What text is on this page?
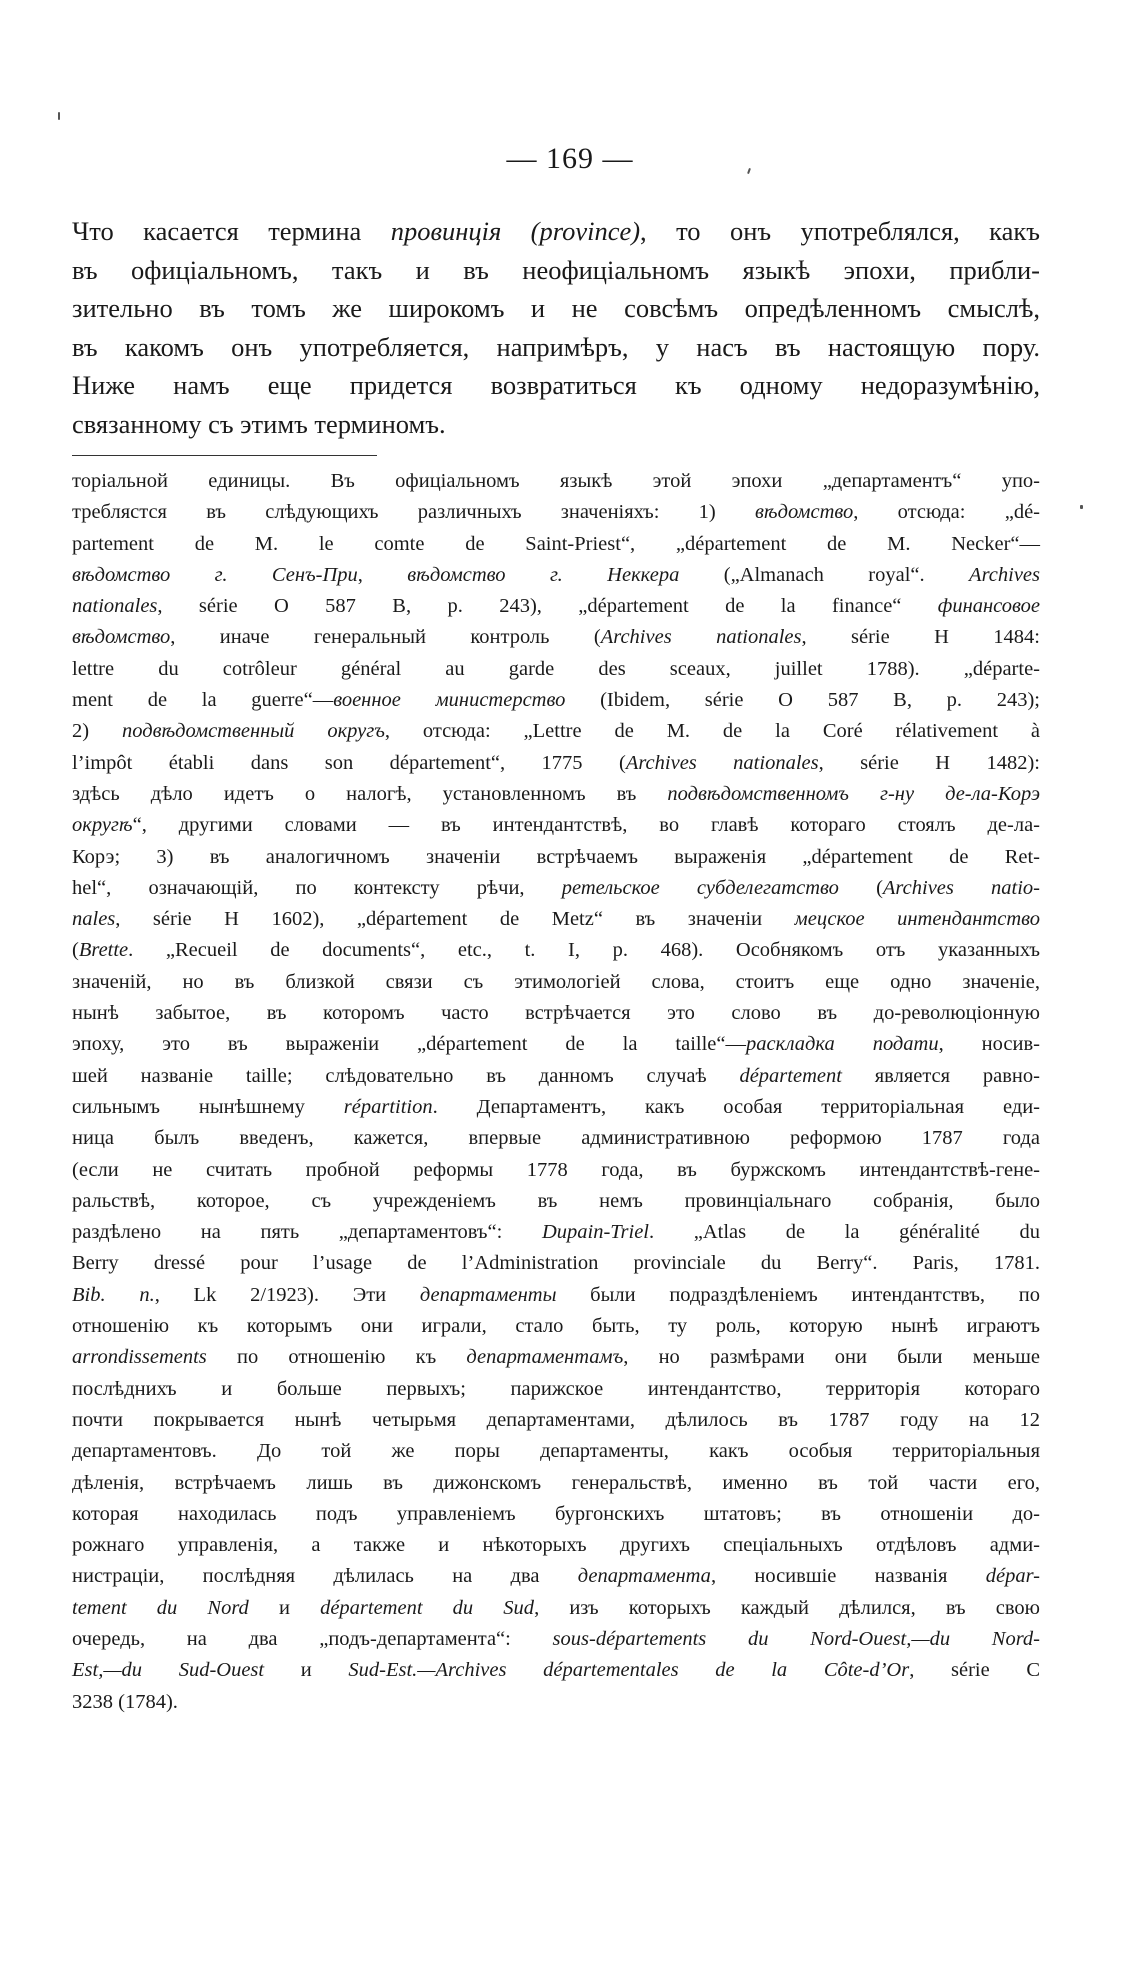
— 169 —
Что касается термина провинція (province), то онъ употреблялся, какъ
въ офиціальномъ, такъ и въ неофиціальномъ языкѣ эпохи, прибли-
зительно въ томъ же широкомъ и не совсѣмъ опредѣленномъ смыслѣ,
въ какомъ онъ употребляется, напримѣръ, у насъ въ настоящую пору.
Ниже намъ еще придется возвратиться къ одному недоразумѣнію,
связанному съ этимъ терминомъ.
торіальной единицы. Въ офиціальномъ языкѣ этой эпохи „департаментъ“ упо-
треблястся въ слѣдующихъ различныхъ значеніяхъ: 1) вѣдомство, отсюда: „dé-
partement de M. le comte de Saint-Priest“, „département de M. Necker“—
вѣдомство г. Сенъ-При, вѣдомство г. Неккера („Almanach royal“. Archives
nationales, série O 587 B, p. 243), „département de la finance“ финансовое
вѣдомство, иначе генеральный контроль (Archives nationales, série H 1484:
lettre du cotrôleur général au garde des sceaux, juillet 1788). „départe-
ment de la guerre“—военное министерство (Ibidem, série O 587 B, p. 243);
2) подвѣдомственный округъ, отсюда: „Lettre de M. de la Coré rélativement à
l’impôt établi dans son département“, 1775 (Archives nationales, série H 1482):
здѣсь дѣло идетъ о налогѣ, установленномъ въ подвѣдомственномъ г-ну де-ла-Корэ
округѣ“, другими словами — въ интендантствѣ, во главѣ котораго стоялъ де-ла-
Корэ; 3) въ аналогичномъ значеніи встрѣчаемъ выраженія „département de Ret-
hel“, означающій, по контексту рѣчи, ретельское субделегатство (Archives natio-
nales, série H 1602), „département de Metz“ въ значеніи мецское интендантство
(Brette. „Recueil de documents“, etc., t. I, p. 468). Особнякомъ отъ указанныхъ
значеній, но въ близкой связи съ этимологіей слова, стоитъ еще одно значеніе,
нынѣ забытое, въ которомъ часто встрѣчается это слово въ до-революціонную
эпоху, это въ выраженіи „département de la taille“—раскладка подати, носив-
шей названіе taille; слѣдовательно въ данномъ случаѣ département является равно-
сильнымъ нынѣшнему répartition. Департаментъ, какъ особая территоріальная еди-
ница былъ введенъ, кажется, впервые административною реформою 1787 года
(если не считать пробной реформы 1778 года, въ буржскомъ интендантствѣ-гене-
ральствѣ, которое, съ учрежденіемъ въ немъ провинціальнаго собранія, было
раздѣлено на пять „департаментовъ“: Dupain-Triel. „Atlas de la généralité du
Berry dressé pour l’usage de l’Administration provinciale du Berry“. Paris, 1781.
Bib. n., Lk 2/1923). Эти департаменты были подраздѣленіемъ интендантствъ, по
отношенію къ которымъ они играли, стало быть, ту роль, которую нынѣ играютъ
arrondissements по отношенію къ департаментамъ, но размѣрами они были меньше
послѣднихъ и больше первыхъ; парижское интендантство, территорія котораго
почти покрывается нынѣ четырьмя департаментами, дѣлилось въ 1787 году на 12
департаментовъ. До той же поры департаменты, какъ особыя территоріальныя
дѣленія, встрѣчаемъ лишь въ дижонскомъ генеральствѣ, именно въ той части его,
которая находилась подъ управленіемъ бургонскихъ штатовъ; въ отношеніи до-
рожнаго управленія, а также и нѣкоторыхъ другихъ спеціальныхъ отдѣловъ адми-
нистраціи, послѣдняя дѣлилась на два департамента, носившіе названія dépar-
tement du Nord и département du Sud, изъ которыхъ каждый дѣлился, въ свою
очередь, на два „подъ-департамента“: sous-départements du Nord-Ouest,—du Nord-
Est,—du Sud-Ouest и Sud-Est.—Archives départementales de la Côte-d’Or, série C
3238 (1784).
